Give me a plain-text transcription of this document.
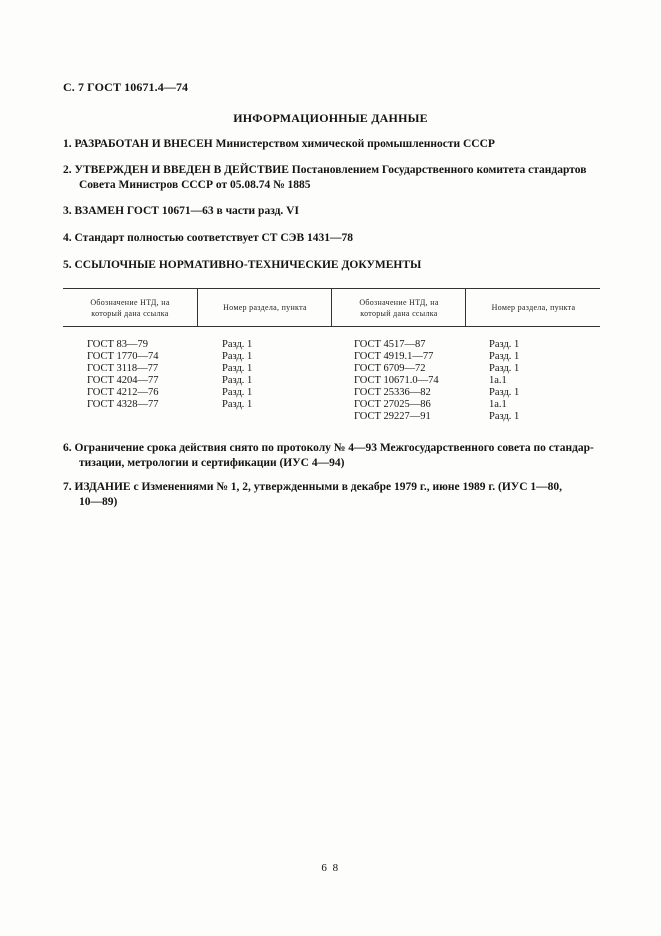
С. 7 ГОСТ 10671.4—74
ИНФОРМАЦИОННЫЕ ДАННЫЕ
1. РАЗРАБОТАН И ВНЕСЕН Министерством химической промышленности СССР
2. УТВЕРЖДЕН И ВВЕДЕН В ДЕЙСТВИЕ Постановлением Государственного комитета стандартов
Совета Министров СССР от 05.08.74 № 1885
3. ВЗАМЕН ГОСТ 10671—63 в части разд. VI
4. Стандарт полностью соответствует СТ СЭВ 1431—78
5. ССЫЛОЧНЫЕ НОРМАТИВНО-ТЕХНИЧЕСКИЕ ДОКУМЕНТЫ
Обозначение НТД, на
который дана ссылка
Номер раздела, пункта
Обозначение НТД, на
который дана ссылка
Номер раздела, пункта
ГОСТ 83—79
ГОСТ 1770—74
ГОСТ 3118—77
ГОСТ 4204—77
ГОСТ 4212—76
ГОСТ 4328—77
Разд. 1
Разд. 1
Разд. 1
Разд. 1
Разд. 1
Разд. 1
ГОСТ 4517—87
ГОСТ 4919.1—77
ГОСТ 6709—72
ГОСТ 10671.0—74
ГОСТ 25336—82
ГОСТ 27025—86
ГОСТ 29227—91
Разд. 1
Разд. 1
Разд. 1
1а.1
Разд. 1
1а.1
Разд. 1
6. Ограничение срока действия снято по протоколу № 4—93 Межгосударственного совета по стандар-
тизации, метрологии и сертификации (ИУС 4—94)
7. ИЗДАНИЕ с Изменениями № 1, 2, утвержденными в декабре 1979 г., июне 1989 г. (ИУС 1—80,
10—89)
6 8
